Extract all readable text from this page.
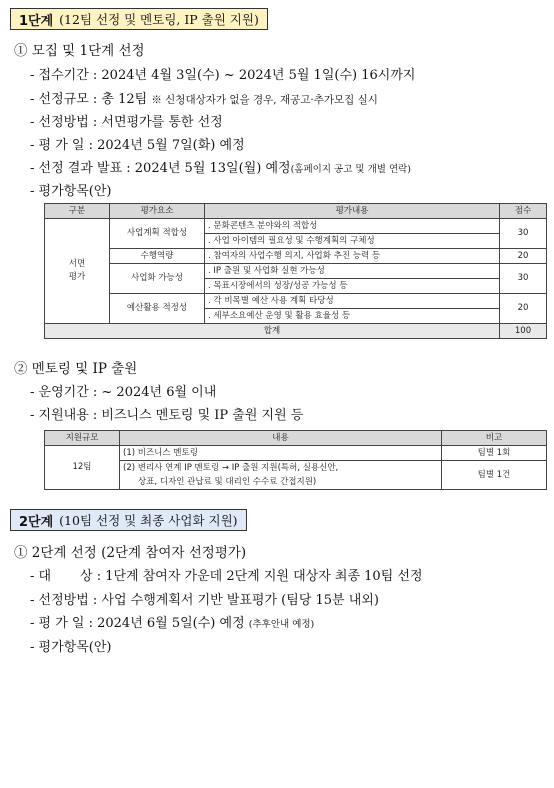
1단계 (12팀 선정 및 멘토링, IP 출원 지원)
① 모집 및 1단계 선정
- 접수기간 : 2024년 4월 3일(수) ~ 2024년 5월 1일(수) 16시까지
- 선정규모 : 총 12팀 ※ 신청대상자가 없을 경우, 재공고·추가모집 실시
- 선정방법 : 서면평가를 통한 선정
- 평 가 일 : 2024년 5월 7일(화) 예정
- 선정 결과 발표 : 2024년 5월 13일(월) 예정(홈페이지 공고 및 개별 연락)
- 평가항목(안)
구분	평가요소	평가내용	점수
서면
평가	사업계획 적합성	. 문화콘텐츠 분야와의 적합성	30
		. 사업 아이템의 필요성 및 수행계획의 구체성	
	수행역량	. 참여자의 사업수행 의지, 사업화 추진 능력 등	20
	사업화 가능성	. IP 출원 및 사업화 실현 가능성	30
		. 목표시장에서의 성장/성공 가능성 등	
	예산활용 적정성	. 각 비목별 예산 사용 계획 타당성	20
		. 세부소요예산 운영 및 활용 효율성 등	
합계			100
② 멘토링 및 IP 출원
- 운영기간 : ~ 2024년 6월 이내
- 지원내용 : 비즈니스 멘토링 및 IP 출원 지원 등
지원규모	내용	비고
12팀	(1) 비즈니스 멘토링	팀별 1회
	(2) 변리사 연계 IP 멘토링 → IP 출원 지원(특허, 실용신안,	팀별 1건
	상표, 디자인 관납료 및 대리인 수수료 간접지원)	
2단계 (10팀 선정 및 최종 사업화 지원)
① 2단계 선정 (2단계 참여자 선정평가)
- 대       상 : 1단계 참여자 가운데 2단계 지원 대상자 최종 10팀 선정
- 선정방법 : 사업 수행계획서 기반 발표평가 (팀당 15분 내외)
- 평 가 일 : 2024년 6월 5일(수) 예정 (추후안내 예정)
- 평가항목(안)
